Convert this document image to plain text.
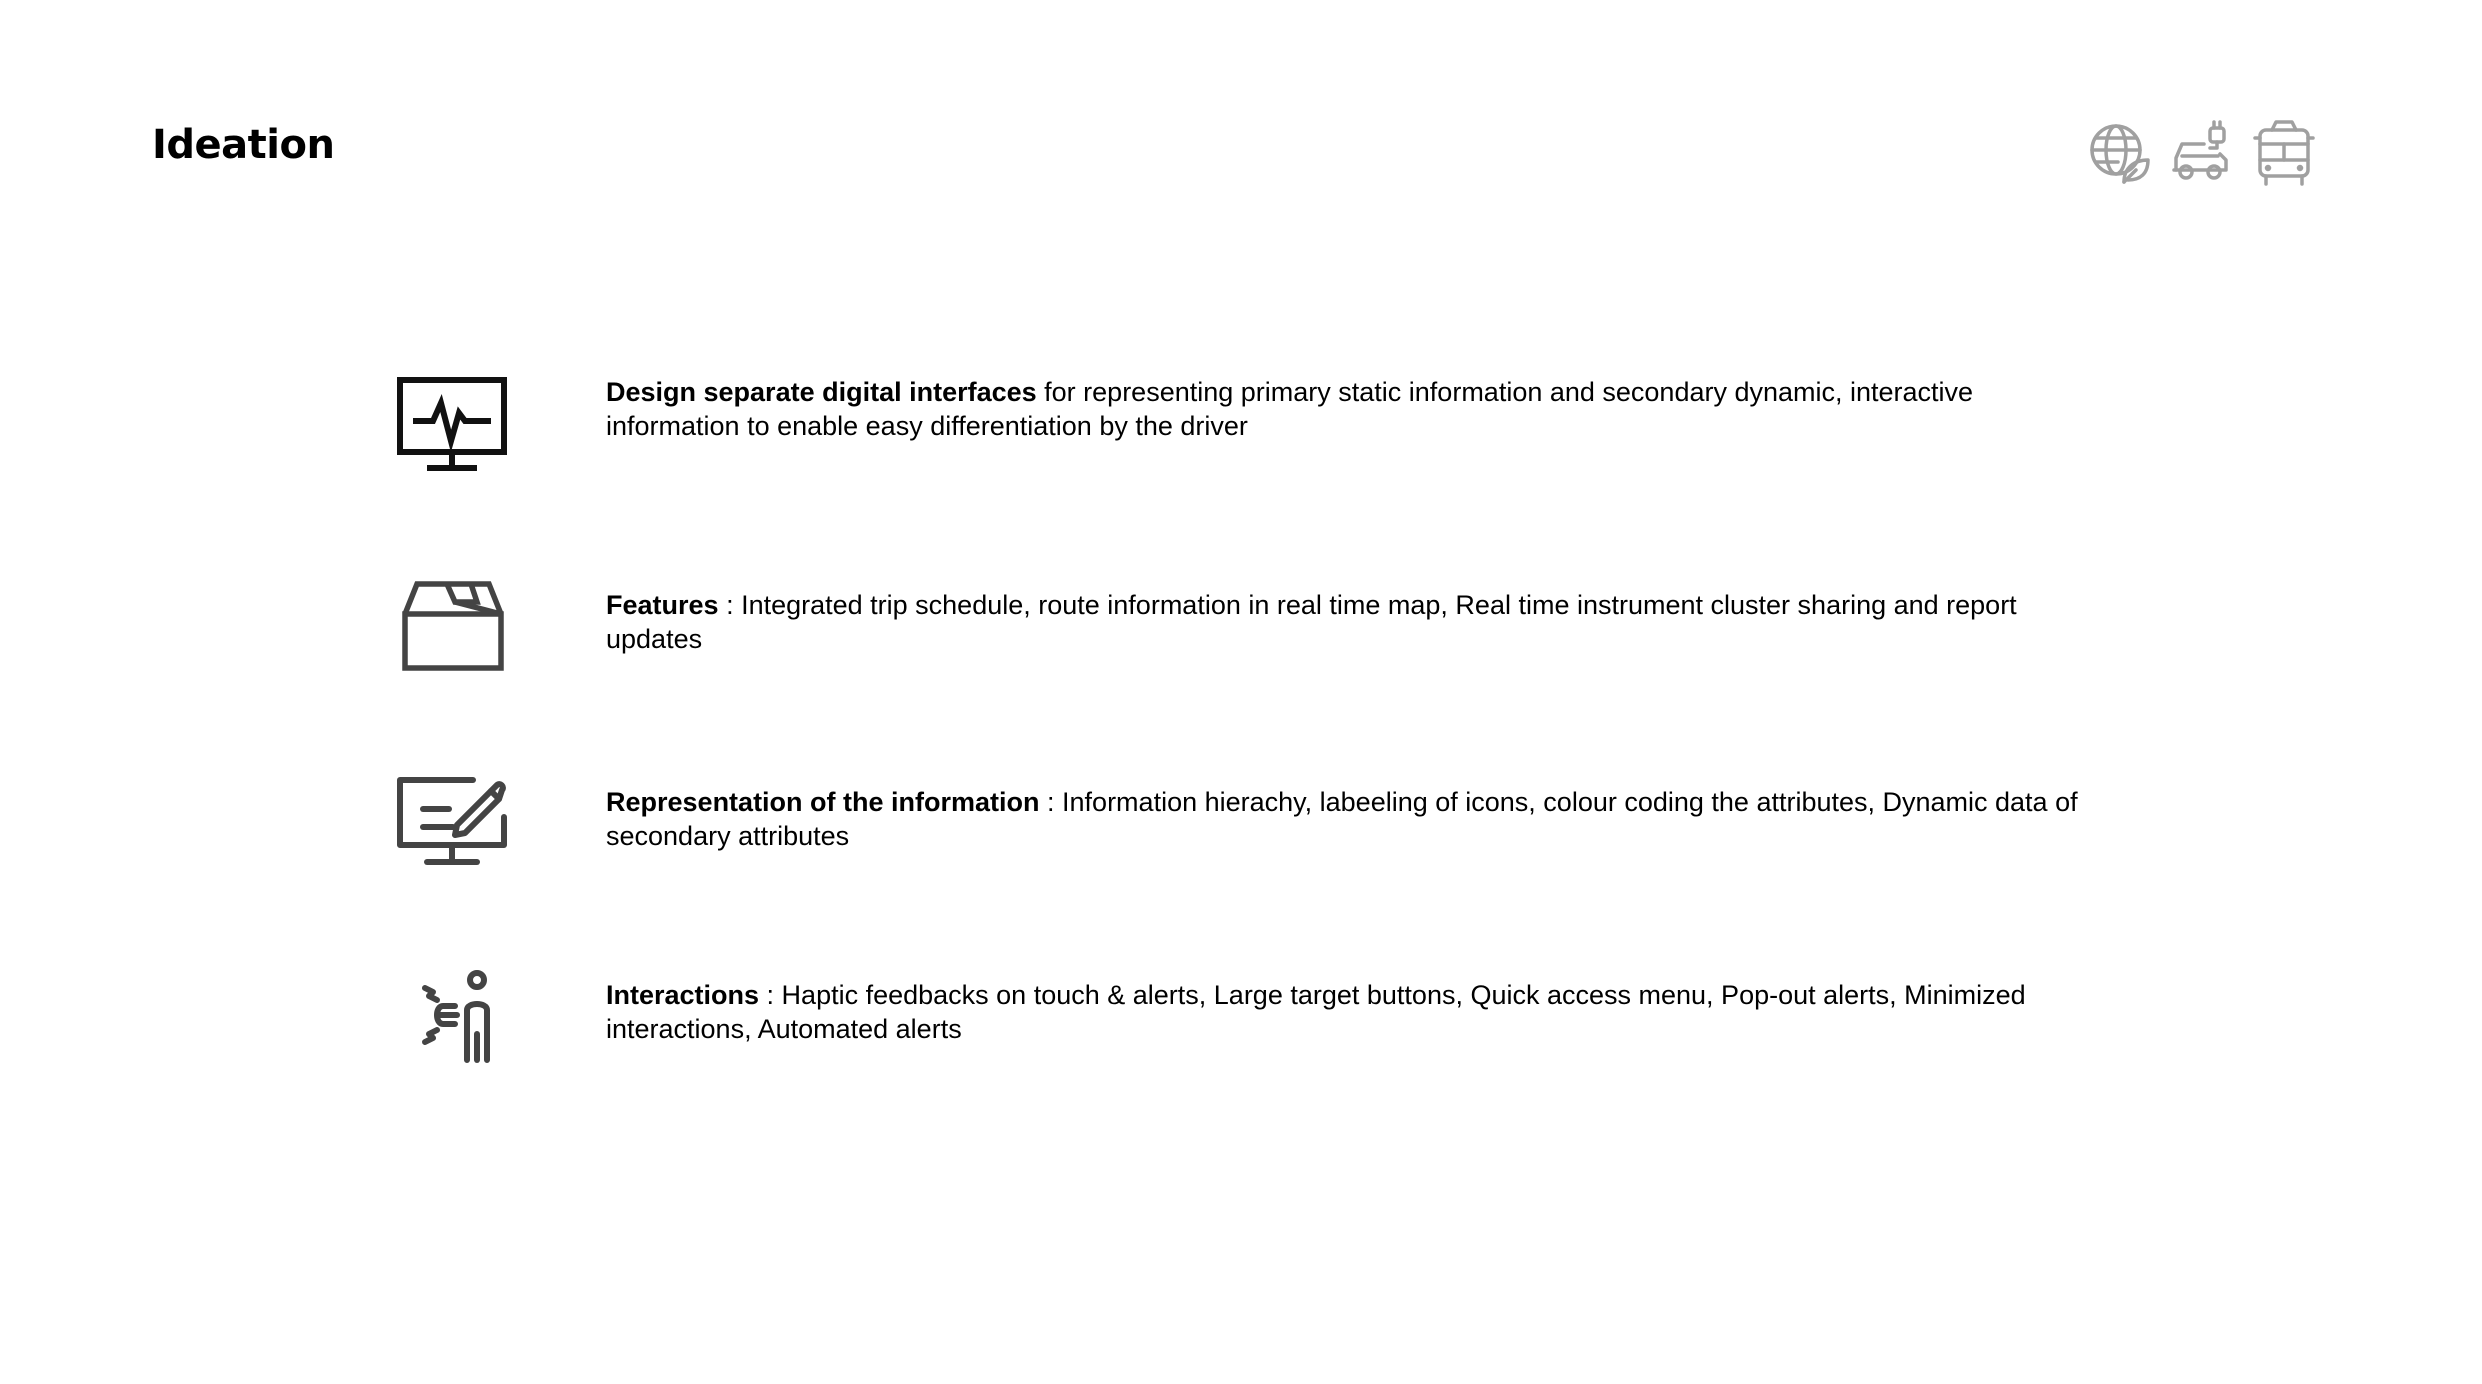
Ideation
Design separate digital interfaces for representing primary static information and secondary dynamic, interactive information to enable easy differentiation by the driver
Features : Integrated trip schedule, route information in real time map, Real time instrument cluster sharing and report updates
Representation of the information : Information hierachy, labeeling of icons, colour coding the attributes, Dynamic data of secondary attributes
Interactions : Haptic feedbacks on touch & alerts, Large target buttons, Quick access menu, Pop-out alerts, Minimized interactions, Automated alerts
